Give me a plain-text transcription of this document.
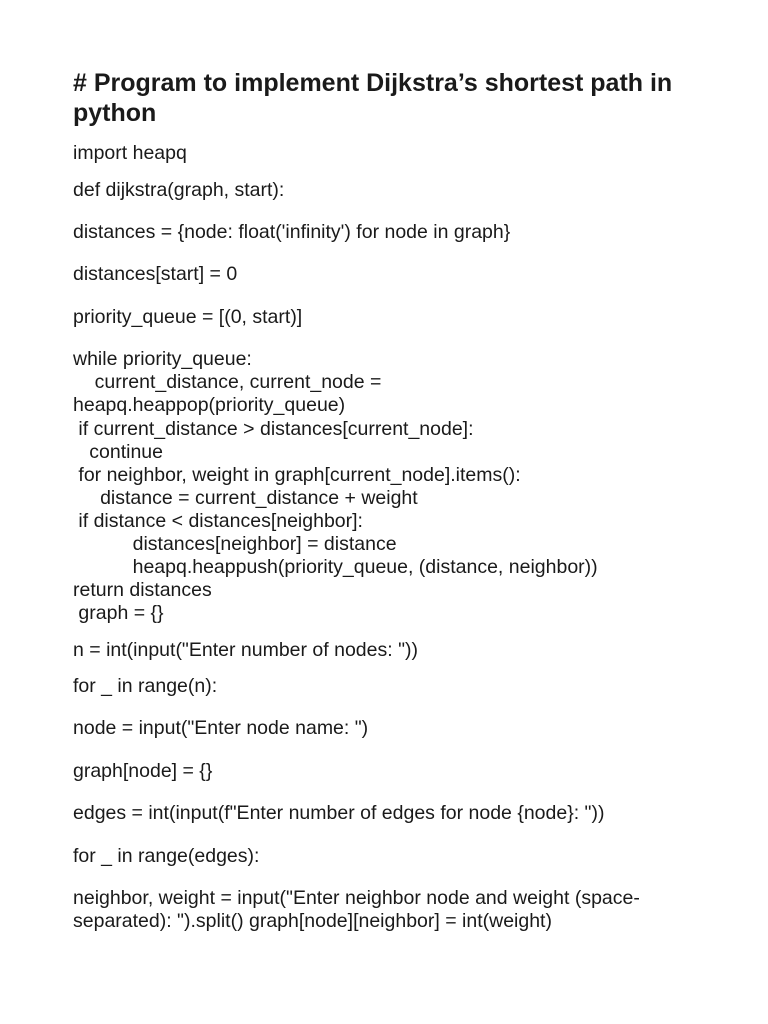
# Program to implement Dijkstra’s shortest path in python

import heapq

def dijkstra(graph, start):

distances = {node: float('infinity') for node in graph}

distances[start] = 0

priority_queue = [(0, start)]

while priority_queue:

current_distance, current_node =

heapq.heappop(priority_queue)

if current_distance > distances[current_node]:

continue

for neighbor, weight in graph[current_node].items():

distance = current_distance + weight

if distance < distances[neighbor]:

distances[neighbor] = distance

heapq.heappush(priority_queue, (distance, neighbor))

return distances

graph = {}

n = int(input("Enter number of nodes: "))

for _ in range(n):

node = input("Enter node name: ")

graph[node] = {}

edges = int(input(f"Enter number of edges for node {node}: "))

for _ in range(edges):

neighbor, weight = input("Enter neighbor node and weight (space-

separated): ").split() graph[node][neighbor] = int(weight)
